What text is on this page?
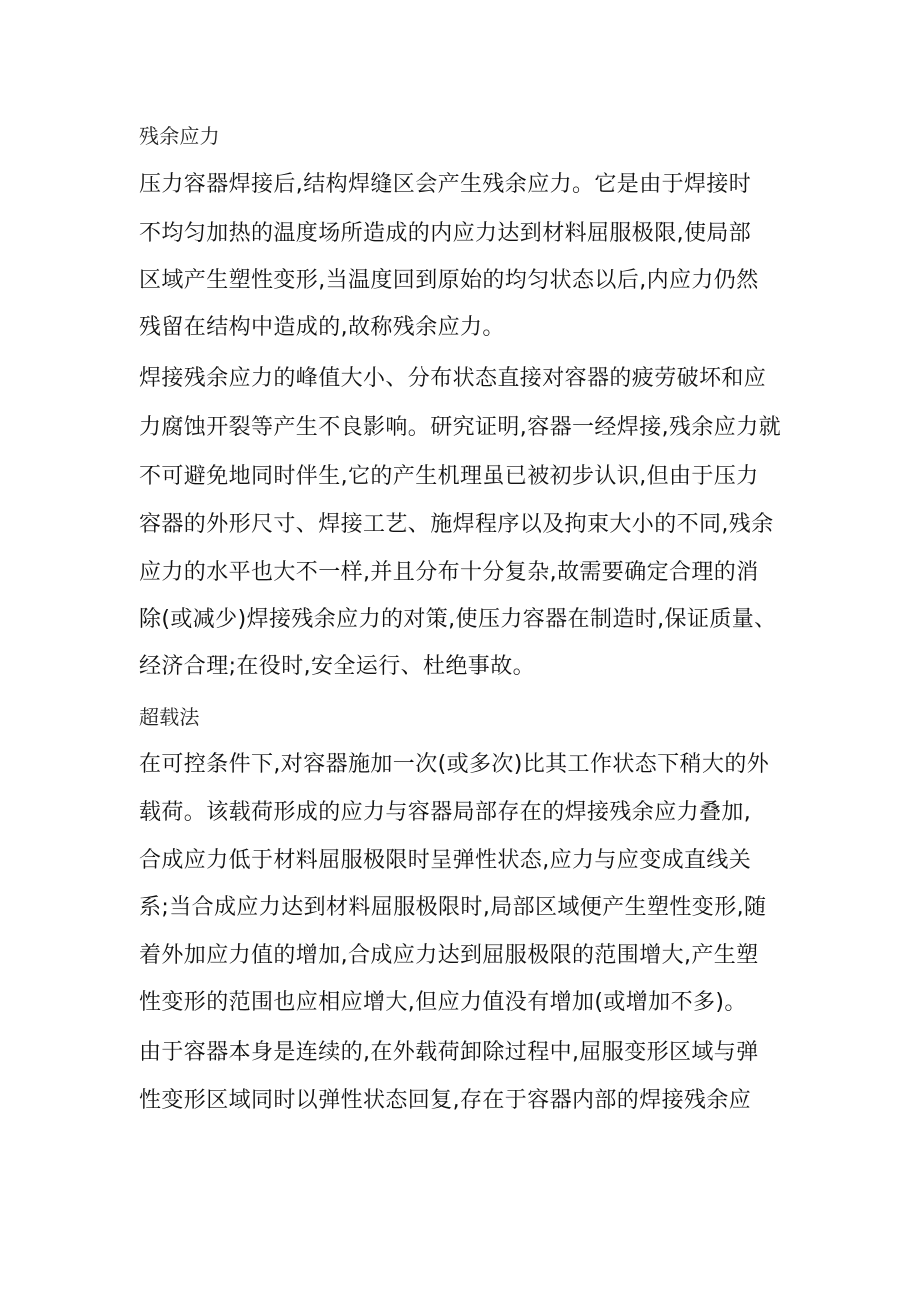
残余应力
压力容器焊接后,结构焊缝区会产生残余应力。它是由于焊接时
不均匀加热的温度场所造成的内应力达到材料屈服极限,使局部
区域产生塑性变形,当温度回到原始的均匀状态以后,内应力仍然
残留在结构中造成的,故称残余应力。
焊接残余应力的峰值大小、分布状态直接对容器的疲劳破坏和应
力腐蚀开裂等产生不良影响。研究证明,容器一经焊接,残余应力就
不可避免地同时伴生,它的产生机理虽已被初步认识,但由于压力
容器的外形尺寸、焊接工艺、施焊程序以及拘束大小的不同,残余
应力的水平也大不一样,并且分布十分复杂,故需要确定合理的消
除(或减少)焊接残余应力的对策,使压力容器在制造时,保证质量、
经济合理;在役时,安全运行、杜绝事故。
超载法
在可控条件下,对容器施加一次(或多次)比其工作状态下稍大的外
载荷。该载荷形成的应力与容器局部存在的焊接残余应力叠加,
合成应力低于材料屈服极限时呈弹性状态,应力与应变成直线关
系;当合成应力达到材料屈服极限时,局部区域便产生塑性变形,随
着外加应力值的增加,合成应力达到屈服极限的范围增大,产生塑
性变形的范围也应相应增大,但应力值没有增加(或增加不多)。
由于容器本身是连续的,在外载荷卸除过程中,屈服变形区域与弹
性变形区域同时以弹性状态回复,存在于容器内部的焊接残余应
